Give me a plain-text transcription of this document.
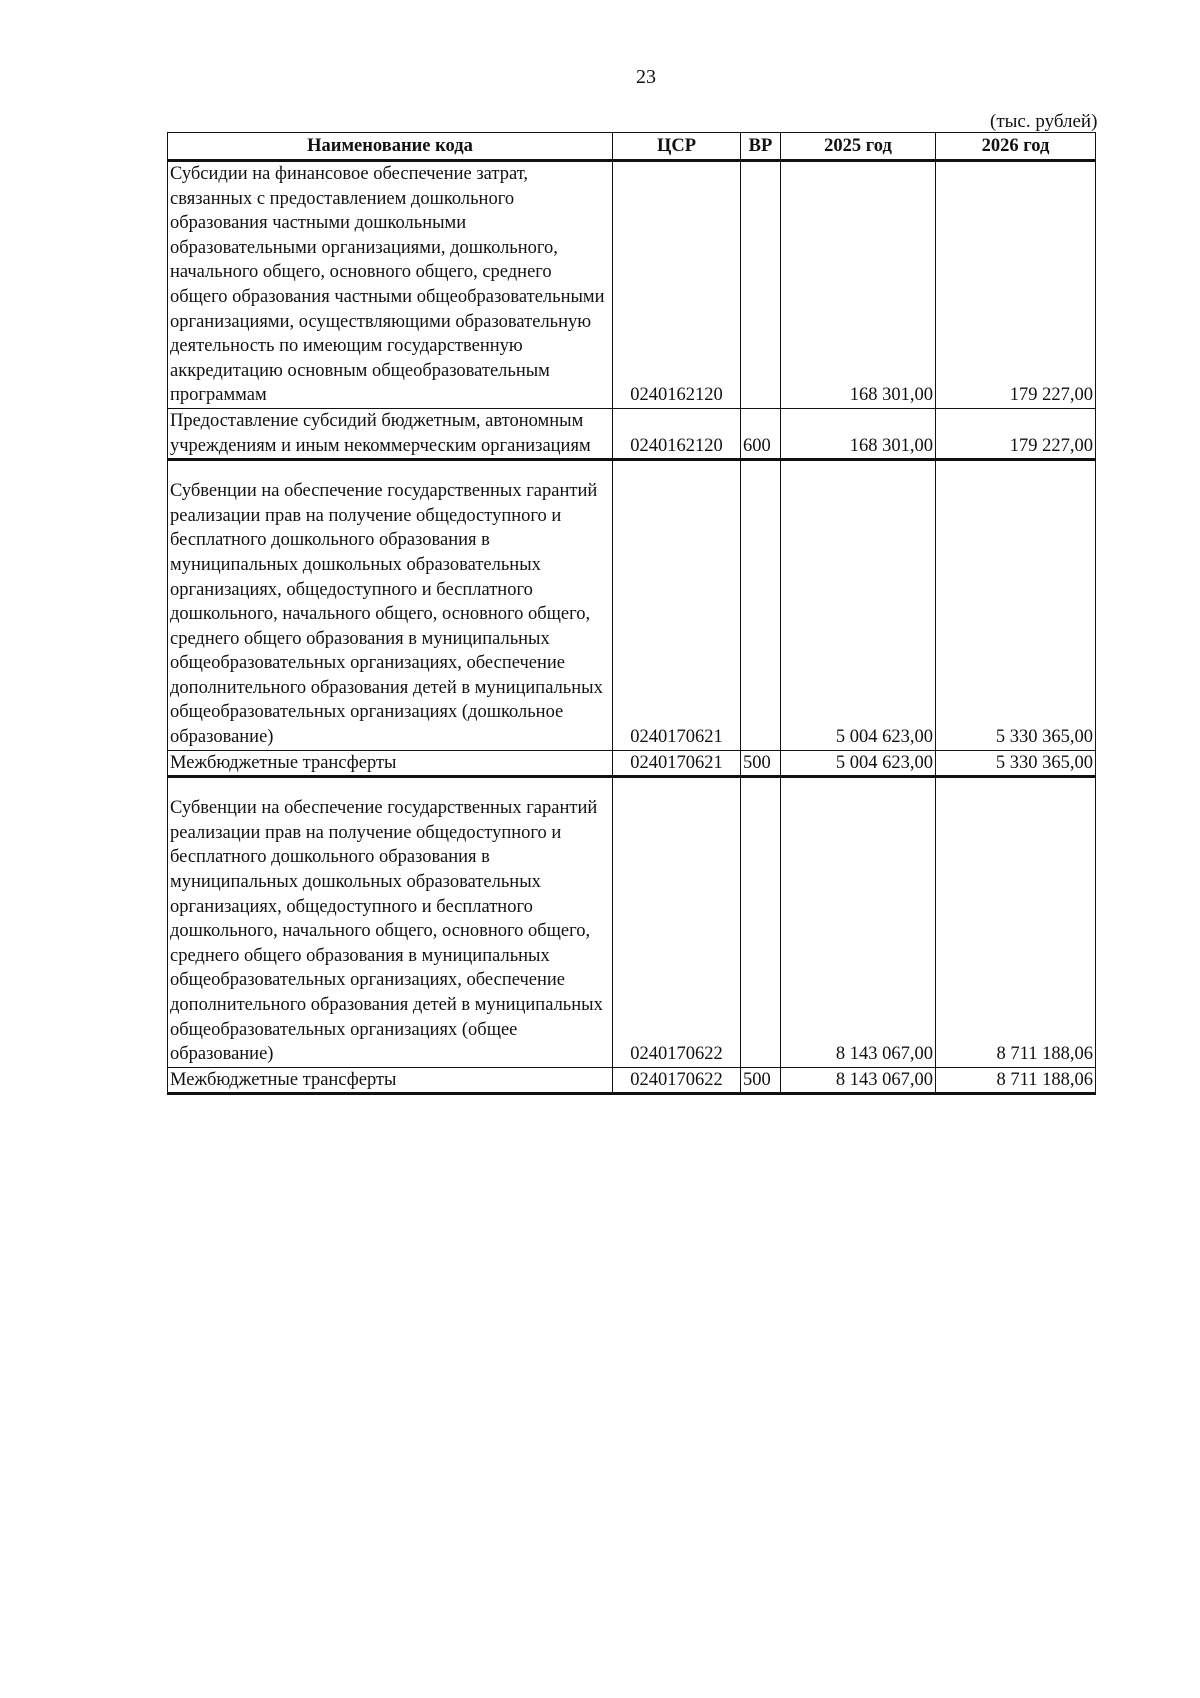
23
(тыс. рублей)
Наименование кода	ЦСР	ВР	2025 год	2026 год
Субсидии на финансовое обеспечение затрат, связанных с предоставлением дошкольного образования частными дошкольными образовательными организациями, дошкольного, начального общего, основного общего, среднего общего образования частными общеобразовательными организациями, осуществляющими образовательную деятельность по имеющим государственную аккредитацию основным общеобразовательным программам	0240162120		168 301,00	179 227,00
Предоставление субсидий бюджетным, автономным учреждениям и иным некоммерческим организациям	0240162120	600	168 301,00	179 227,00
Субвенции на обеспечение государственных гарантий реализации прав на получение общедоступного и бесплатного дошкольного образования в муниципальных дошкольных образовательных организациях, общедоступного и бесплатного дошкольного, начального общего, основного общего, среднего общего образования в муниципальных общеобразовательных организациях, обеспечение дополнительного образования детей в муниципальных общеобразовательных организациях (дошкольное образование)	0240170621		5 004 623,00	5 330 365,00
Межбюджетные трансферты	0240170621	500	5 004 623,00	5 330 365,00
Субвенции на обеспечение государственных гарантий реализации прав на получение общедоступного и бесплатного дошкольного образования в муниципальных дошкольных образовательных организациях, общедоступного и бесплатного дошкольного, начального общего, основного общего, среднего общего образования в муниципальных общеобразовательных организациях, обеспечение дополнительного образования детей в муниципальных общеобразовательных организациях (общее образование)	0240170622		8 143 067,00	8 711 188,06
Межбюджетные трансферты	0240170622	500	8 143 067,00	8 711 188,06
